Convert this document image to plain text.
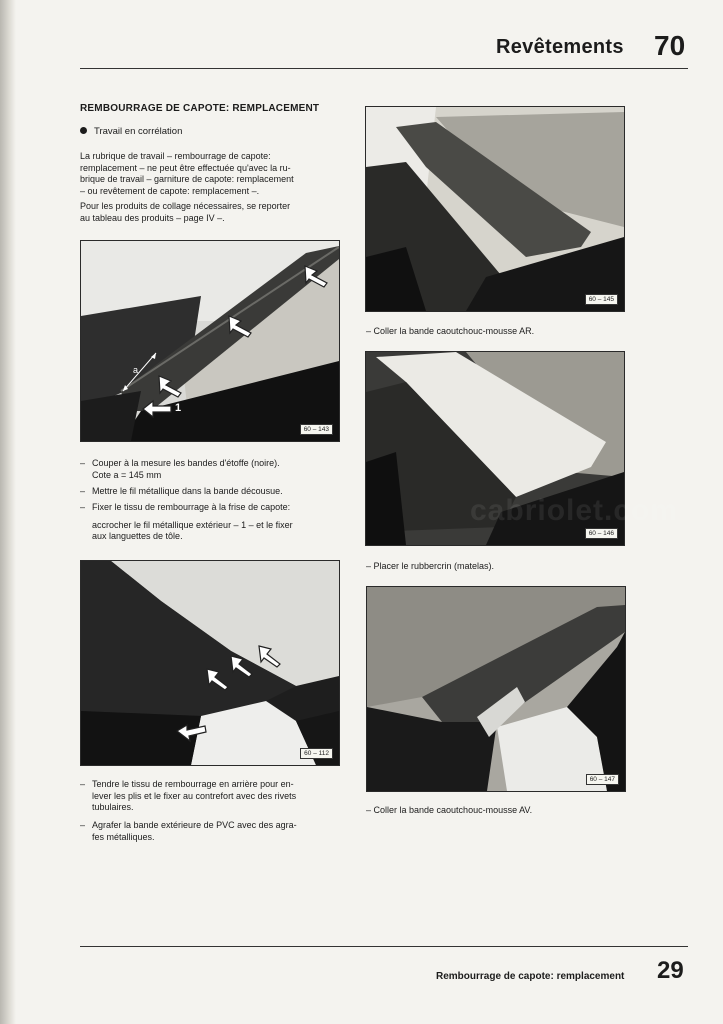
Revêtements 70
REMBOURRAGE DE CAPOTE: REMPLACEMENT
Travail en corrélation
La rubrique de travail – rembourrage de capote:
remplacement – ne peut être effectuée qu'avec la ru-
brique de travail – garniture de capote: remplacement
– ou revêtement de capote: remplacement –.
Pour les produits de collage nécessaires, se reporter
au tableau des produits – page IV –.
1
a
60 – 143
– Couper à la mesure les bandes d'étoffe (noire).
Cote a = 145 mm
– Mettre le fil métallique dans la bande décousue.
– Fixer le tissu de rembourrage à la frise de capote:
accrocher le fil métallique extérieur – 1 – et le fixer
aux languettes de tôle.
60 – 112
– Tendre le tissu de rembourrage en arrière pour en-
lever les plis et le fixer au contrefort avec des rivets
tubulaires.
– Agrafer la bande extérieure de PVC avec des agra-
fes métalliques.
60 – 145
– Coller la bande caoutchouc-mousse AR.
60 – 146
cabriolet.com
– Placer le rubbercrin (matelas).
60 – 147
– Coller la bande caoutchouc-mousse AV.
Rembourrage de capote: remplacement 29
